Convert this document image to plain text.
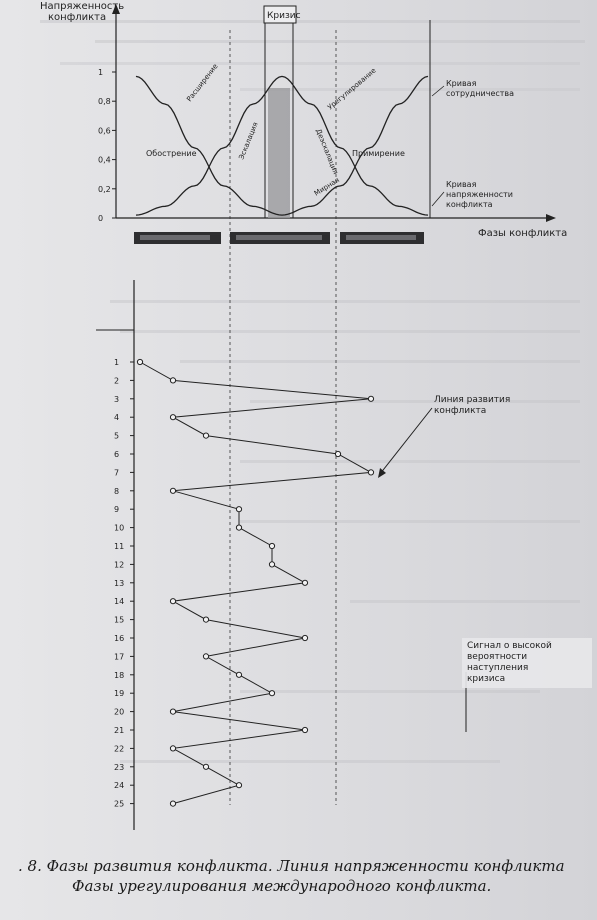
Напряженность
конфликта
1
0,8
0,6
0,4
0,2
0
Фазы конфликта
Кризис
Расширение
Эскалация	Деэскалация
Мирная
Урегулирование
Обострение	Примирение
Кривая
сотрудничества
Кривая
напряженности
конфликта
1
2
3
4
5
6
7
8
9
10
11
12
13
14
15
16
17
18
19
20
21
22
23
24
25
Линия развития
конфликта
Сигнал о высокой
вероятности
наступления
кризиса
. 8. Фазы развития конфликта. Линия напряженности конфликта
Фазы урегулирования международного конфликта.
